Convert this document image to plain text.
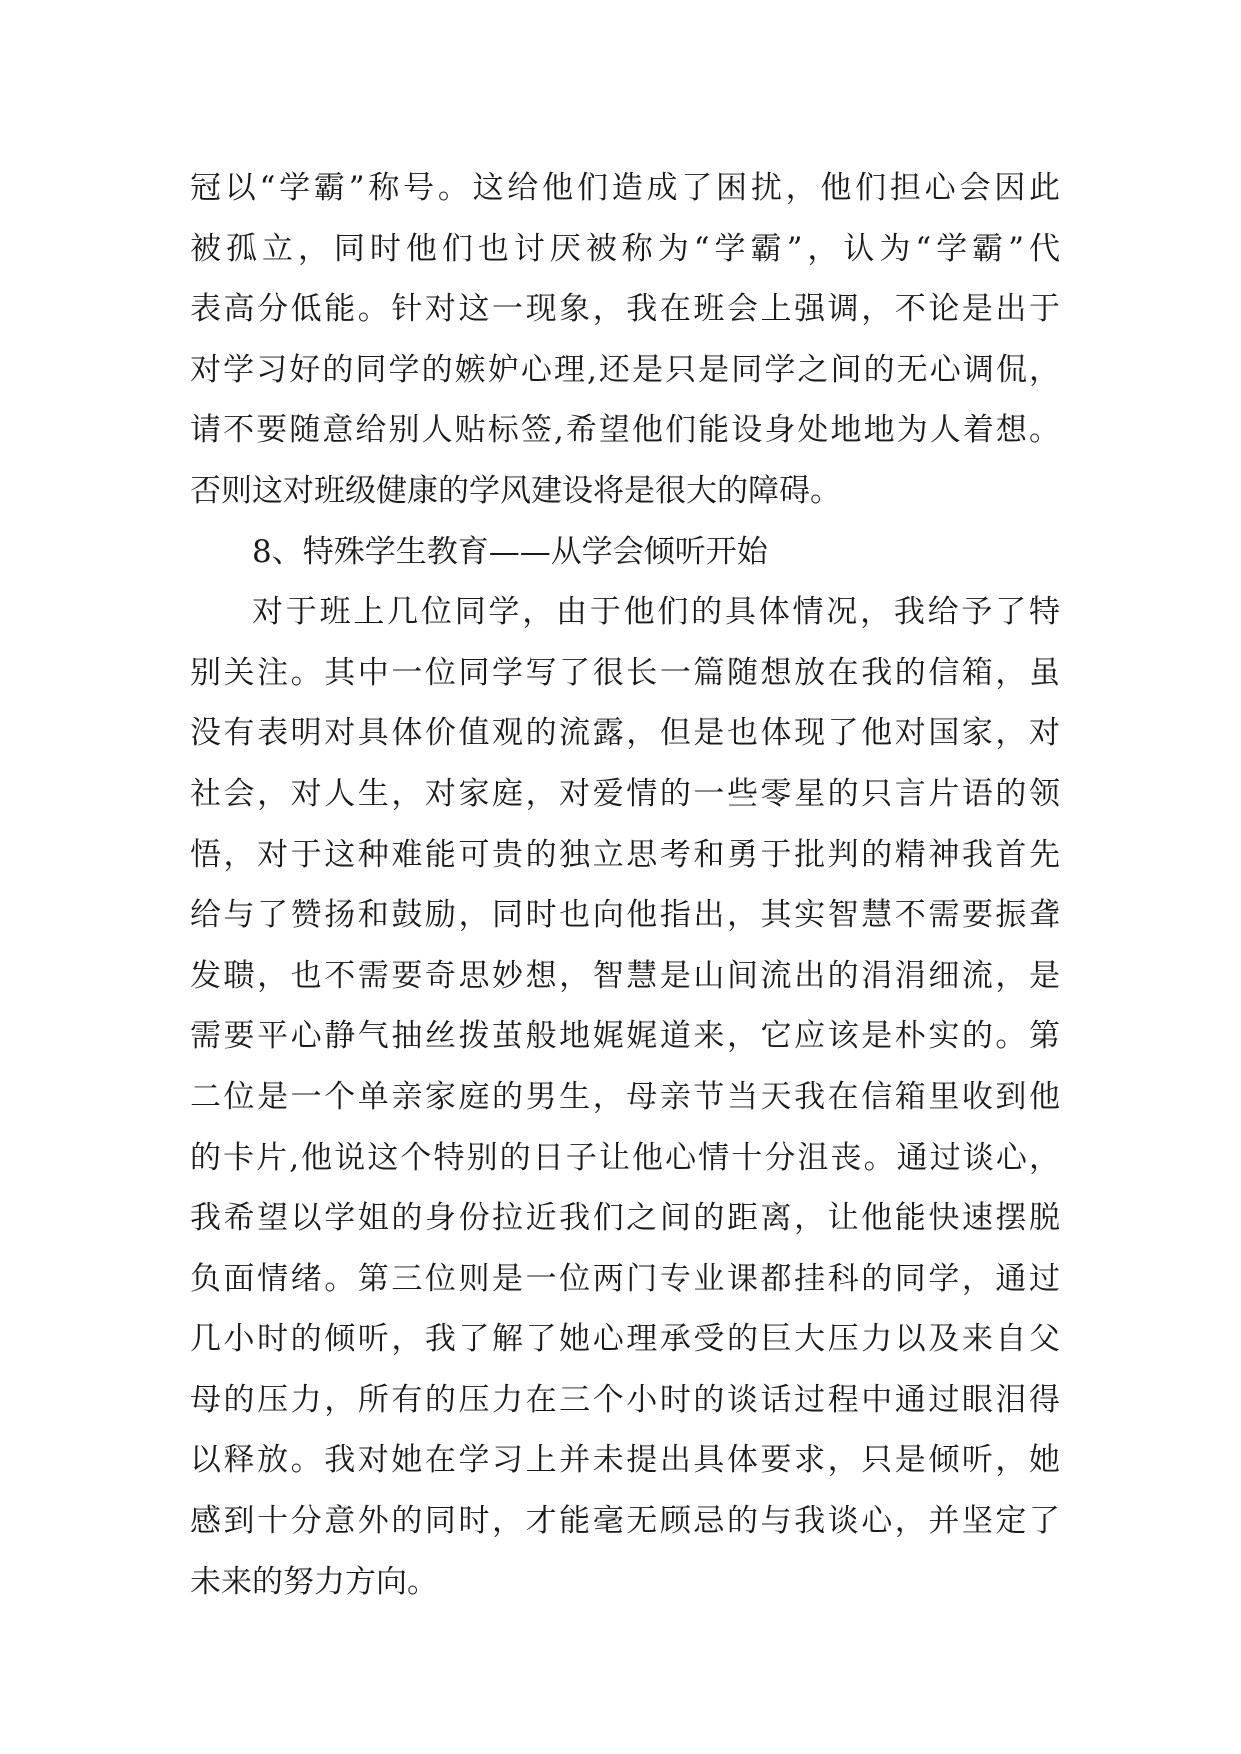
冠以“学霸”称号。这给他们造成了困扰，他们担心会因此
被孤立，同时他们也讨厌被称为“学霸”，认为“学霸”代
表高分低能。针对这一现象，我在班会上强调，不论是出于
对学习好的同学的嫉妒心理,还是只是同学之间的无心调侃，
请不要随意给别人贴标签,希望他们能设身处地地为人着想。
否则这对班级健康的学风建设将是很大的障碍。
8、特殊学生教育——从学会倾听开始
对于班上几位同学，由于他们的具体情况，我给予了特
别关注。其中一位同学写了很长一篇随想放在我的信箱，虽
没有表明对具体价值观的流露，但是也体现了他对国家，对
社会，对人生，对家庭，对爱情的一些零星的只言片语的领
悟，对于这种难能可贵的独立思考和勇于批判的精神我首先
给与了赞扬和鼓励，同时也向他指出，其实智慧不需要振聋
发聩，也不需要奇思妙想，智慧是山间流出的涓涓细流，是
需要平心静气抽丝拨茧般地娓娓道来，它应该是朴实的。第
二位是一个单亲家庭的男生，母亲节当天我在信箱里收到他
的卡片,他说这个特别的日子让他心情十分沮丧。通过谈心，
我希望以学姐的身份拉近我们之间的距离，让他能快速摆脱
负面情绪。第三位则是一位两门专业课都挂科的同学，通过
几小时的倾听，我了解了她心理承受的巨大压力以及来自父
母的压力，所有的压力在三个小时的谈话过程中通过眼泪得
以释放。我对她在学习上并未提出具体要求，只是倾听，她
感到十分意外的同时，才能毫无顾忌的与我谈心，并坚定了
未来的努力方向。
